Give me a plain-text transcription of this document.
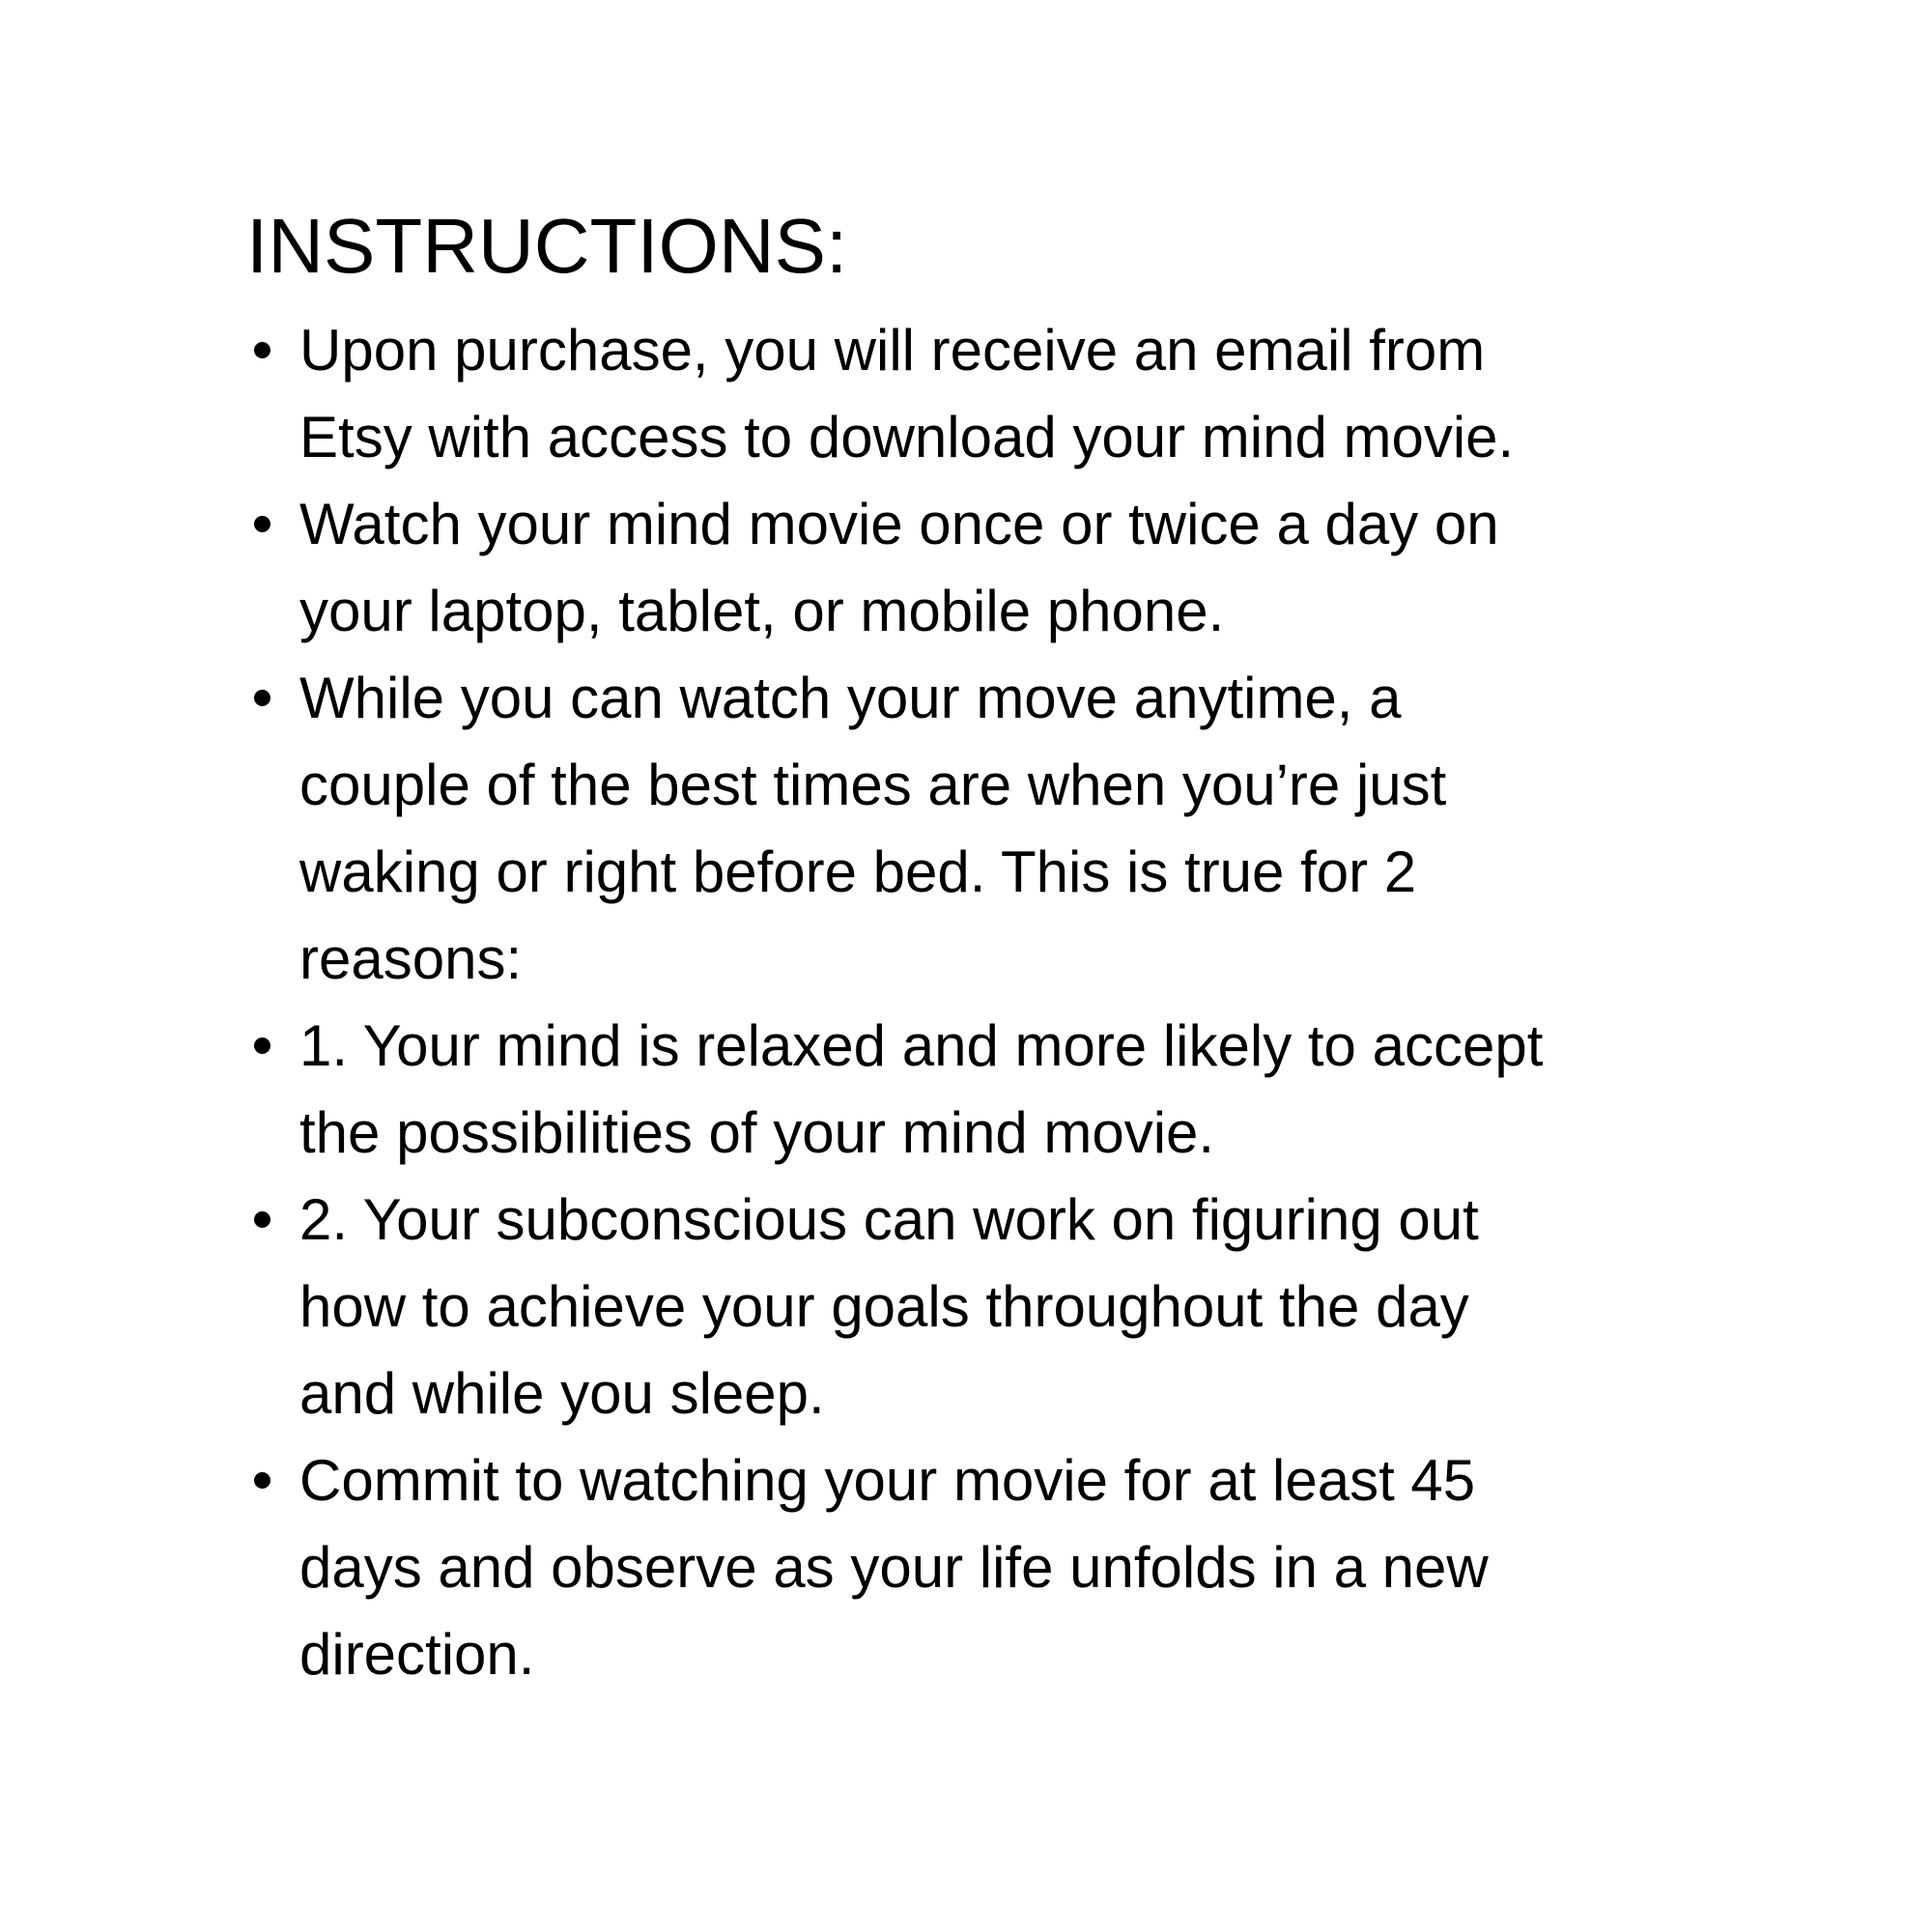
INSTRUCTIONS:
Upon purchase, you will receive an email from
Etsy with access to download your mind movie.
Watch your mind movie once or twice a day on
your laptop, tablet, or mobile phone.
While you can watch your move anytime, a
couple of the best times are when you’re just
waking or right before bed. This is true for 2
reasons:
1. Your mind is relaxed and more likely to accept
the possibilities of your mind movie.
2. Your subconscious can work on figuring out
how to achieve your goals throughout the day
and while you sleep.
Commit to watching your movie for at least 45
days and observe as your life unfolds in a new
direction.
